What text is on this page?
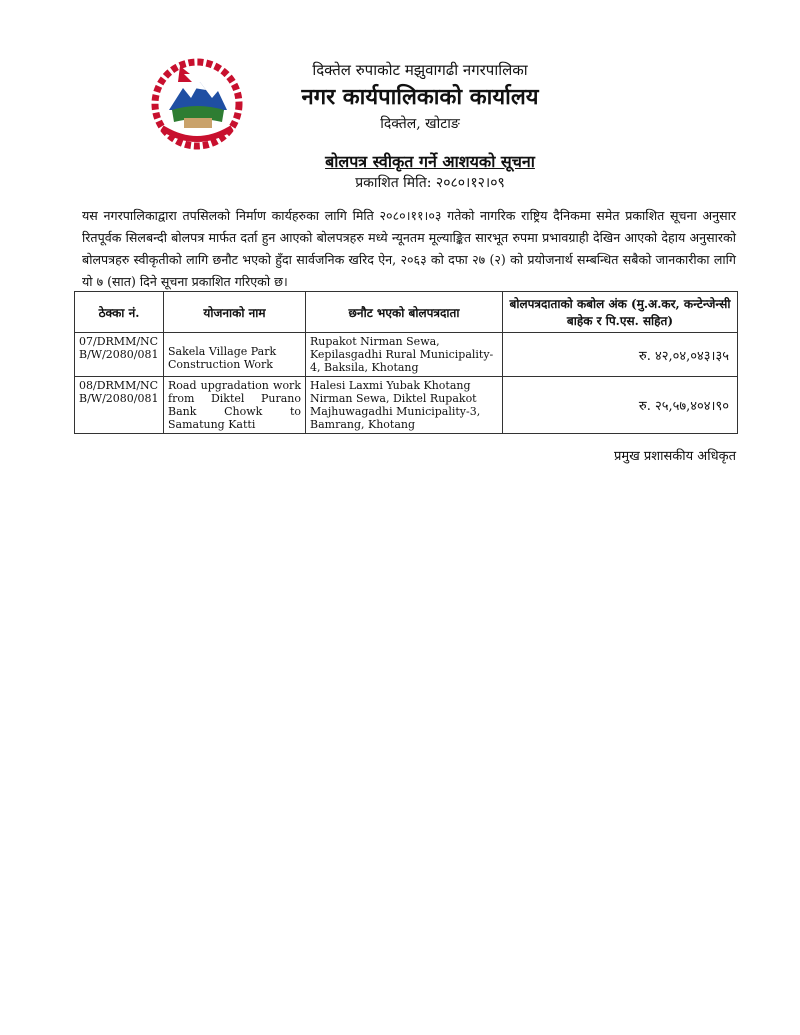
दिक्तेल रुपाकोट मझुवागढी नगरपालिका
नगर कार्यपालिकाको कार्यालय
दिक्तेल, खोटाङ
बोलपत्र स्वीकृत गर्ने आशयको सूचना
प्रकाशित मिति: २०८०।१२।०९
यस नगरपालिकाद्वारा तपसिलको निर्माण कार्यहरुका लागि मिति २०८०।११।०३ गतेको नागरिक राष्ट्रिय दैनिकमा समेत प्रकाशित सूचना अनुसार रितपूर्वक सिलबन्दी बोलपत्र मार्फत दर्ता हुन आएको बोलपत्रहरु मध्ये न्यूनतम मूल्याङ्कित सारभूत रुपमा प्रभावग्राही देखिन आएको देहाय अनुसारको बोलपत्रहरु स्वीकृतीको लागि छनौट भएको हुँदा सार्वजनिक खरिद ऐन, २०६३ को दफा २७ (२) को प्रयोजनार्थ सम्बन्धित सबैको जानकारीका लागि यो ७ (सात) दिने सूचना प्रकाशित गरिएको छ।
ठेक्का नं.	योजनाको नाम	छनौट भएको बोलपत्रदाता	बोलपत्रदाताको कबोल अंक (मु.अ.कर, कन्टेन्जेन्सी बाहेक र पि.एस. सहित)
07/DRMM/NCB/W/2080/081	Sakela Village Park Construction Work	Rupakot Nirman Sewa, Kepilasgadhi Rural Municipality-4, Baksila, Khotang	रु. ४२,०४,०४३।३५
08/DRMM/NCB/W/2080/081	Road upgradation work from Diktel Purano Bank Chowk to Samatung Katti	Halesi Laxmi Yubak Khotang Nirman Sewa, Diktel Rupakot Majhuwagadhi Municipality-3, Bamrang, Khotang	रु. २५,५७,४०४।९०
प्रमुख प्रशासकीय अधिकृत
